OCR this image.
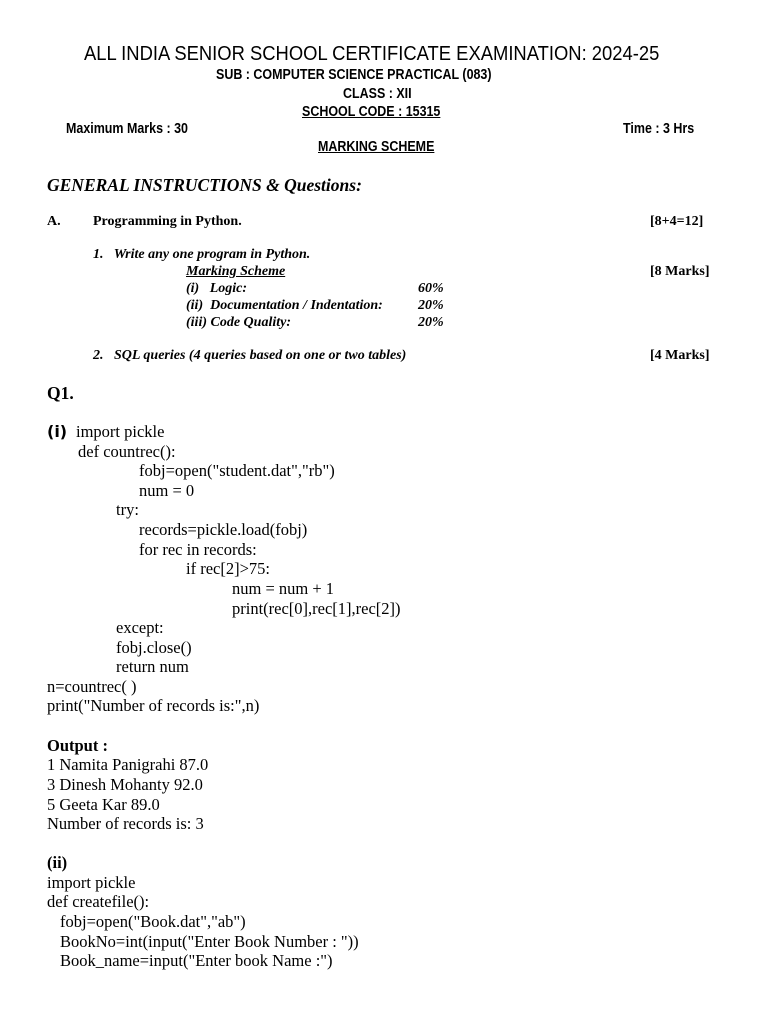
ALL INDIA SENIOR SCHOOL CERTIFICATE EXAMINATION: 2024-25
SUB : COMPUTER SCIENCE PRACTICAL (083)
CLASS : XII
SCHOOL CODE : 15315
Maximum Marks : 30	Time : 3 Hrs
MARKING SCHEME
GENERAL INSTRUCTIONS & Questions:
A. Programming in Python.	[8+4=12]
1.   Write any one program in Python.
Marking Scheme	[8 Marks]
(i)   Logic:	60%
(ii)  Documentation / Indentation:	20%
(iii) Code Quality:	20%
2.   SQL queries (4 queries based on one or two tables)	[4 Marks]
Q1.
(i) import pickle
def countrec():
fobj=open("student.dat","rb")
num = 0
try:
records=pickle.load(fobj)
for rec in records:
if rec[2]>75:
num = num + 1
print(rec[0],rec[1],rec[2])
except:
fobj.close()
return num
n=countrec( )
print("Number of records is:",n)
Output :
1 Namita Panigrahi 87.0
3 Dinesh Mohanty 92.0
5 Geeta Kar 89.0
Number of records is: 3
(ii)
import pickle
def createfile():
fobj=open("Book.dat","ab")
BookNo=int(input("Enter Book Number : "))
Book_name=input("Enter book Name :")
